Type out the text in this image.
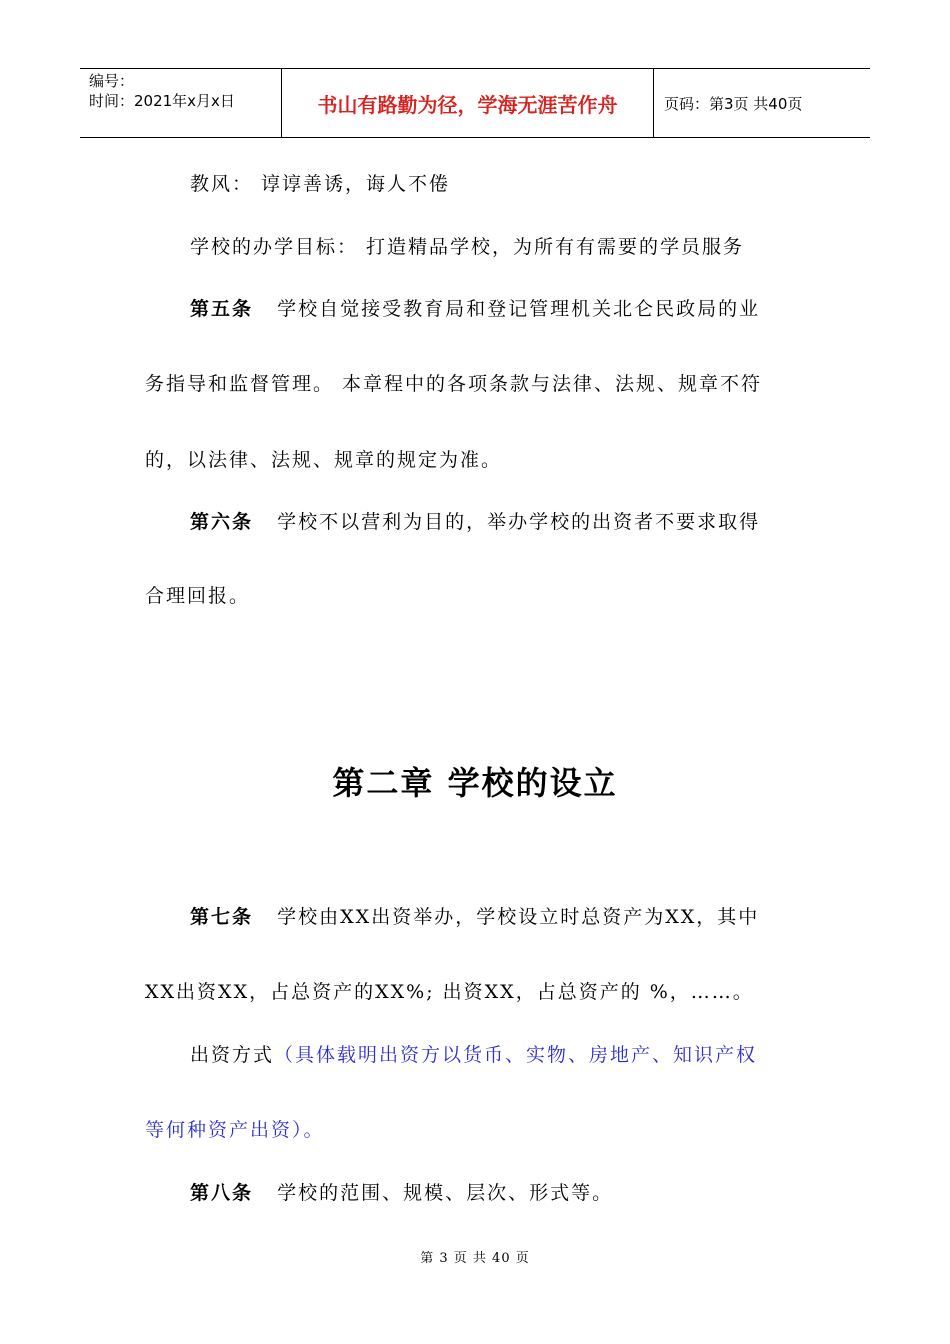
编号：
时间：2021年x月x日	书山有路勤为径，学海无涯苦作舟	页码：第3页 共40页
教风： 谆谆善诱，诲人不倦
学校的办学目标： 打造精品学校，为所有有需要的学员服务
第五条 学校自觉接受教育局和登记管理机关北仑民政局的业
务指导和监督管理。 本章程中的各项条款与法律、法规、规章不符
的，以法律、法规、规章的规定为准。
第六条 学校不以营利为目的，举办学校的出资者不要求取得
合理回报。
第二章 学校的设立
第七条 学校由XX出资举办，学校设立时总资产为XX，其中
XX出资XX，占总资产的XX%; 出资XX，占总资产的 %，……。
出资方式（具体载明出资方以货币、实物、房地产、知识产权
等何种资产出资）。
第八条 学校的范围、规模、层次、形式等。
第 3 页 共 40 页
